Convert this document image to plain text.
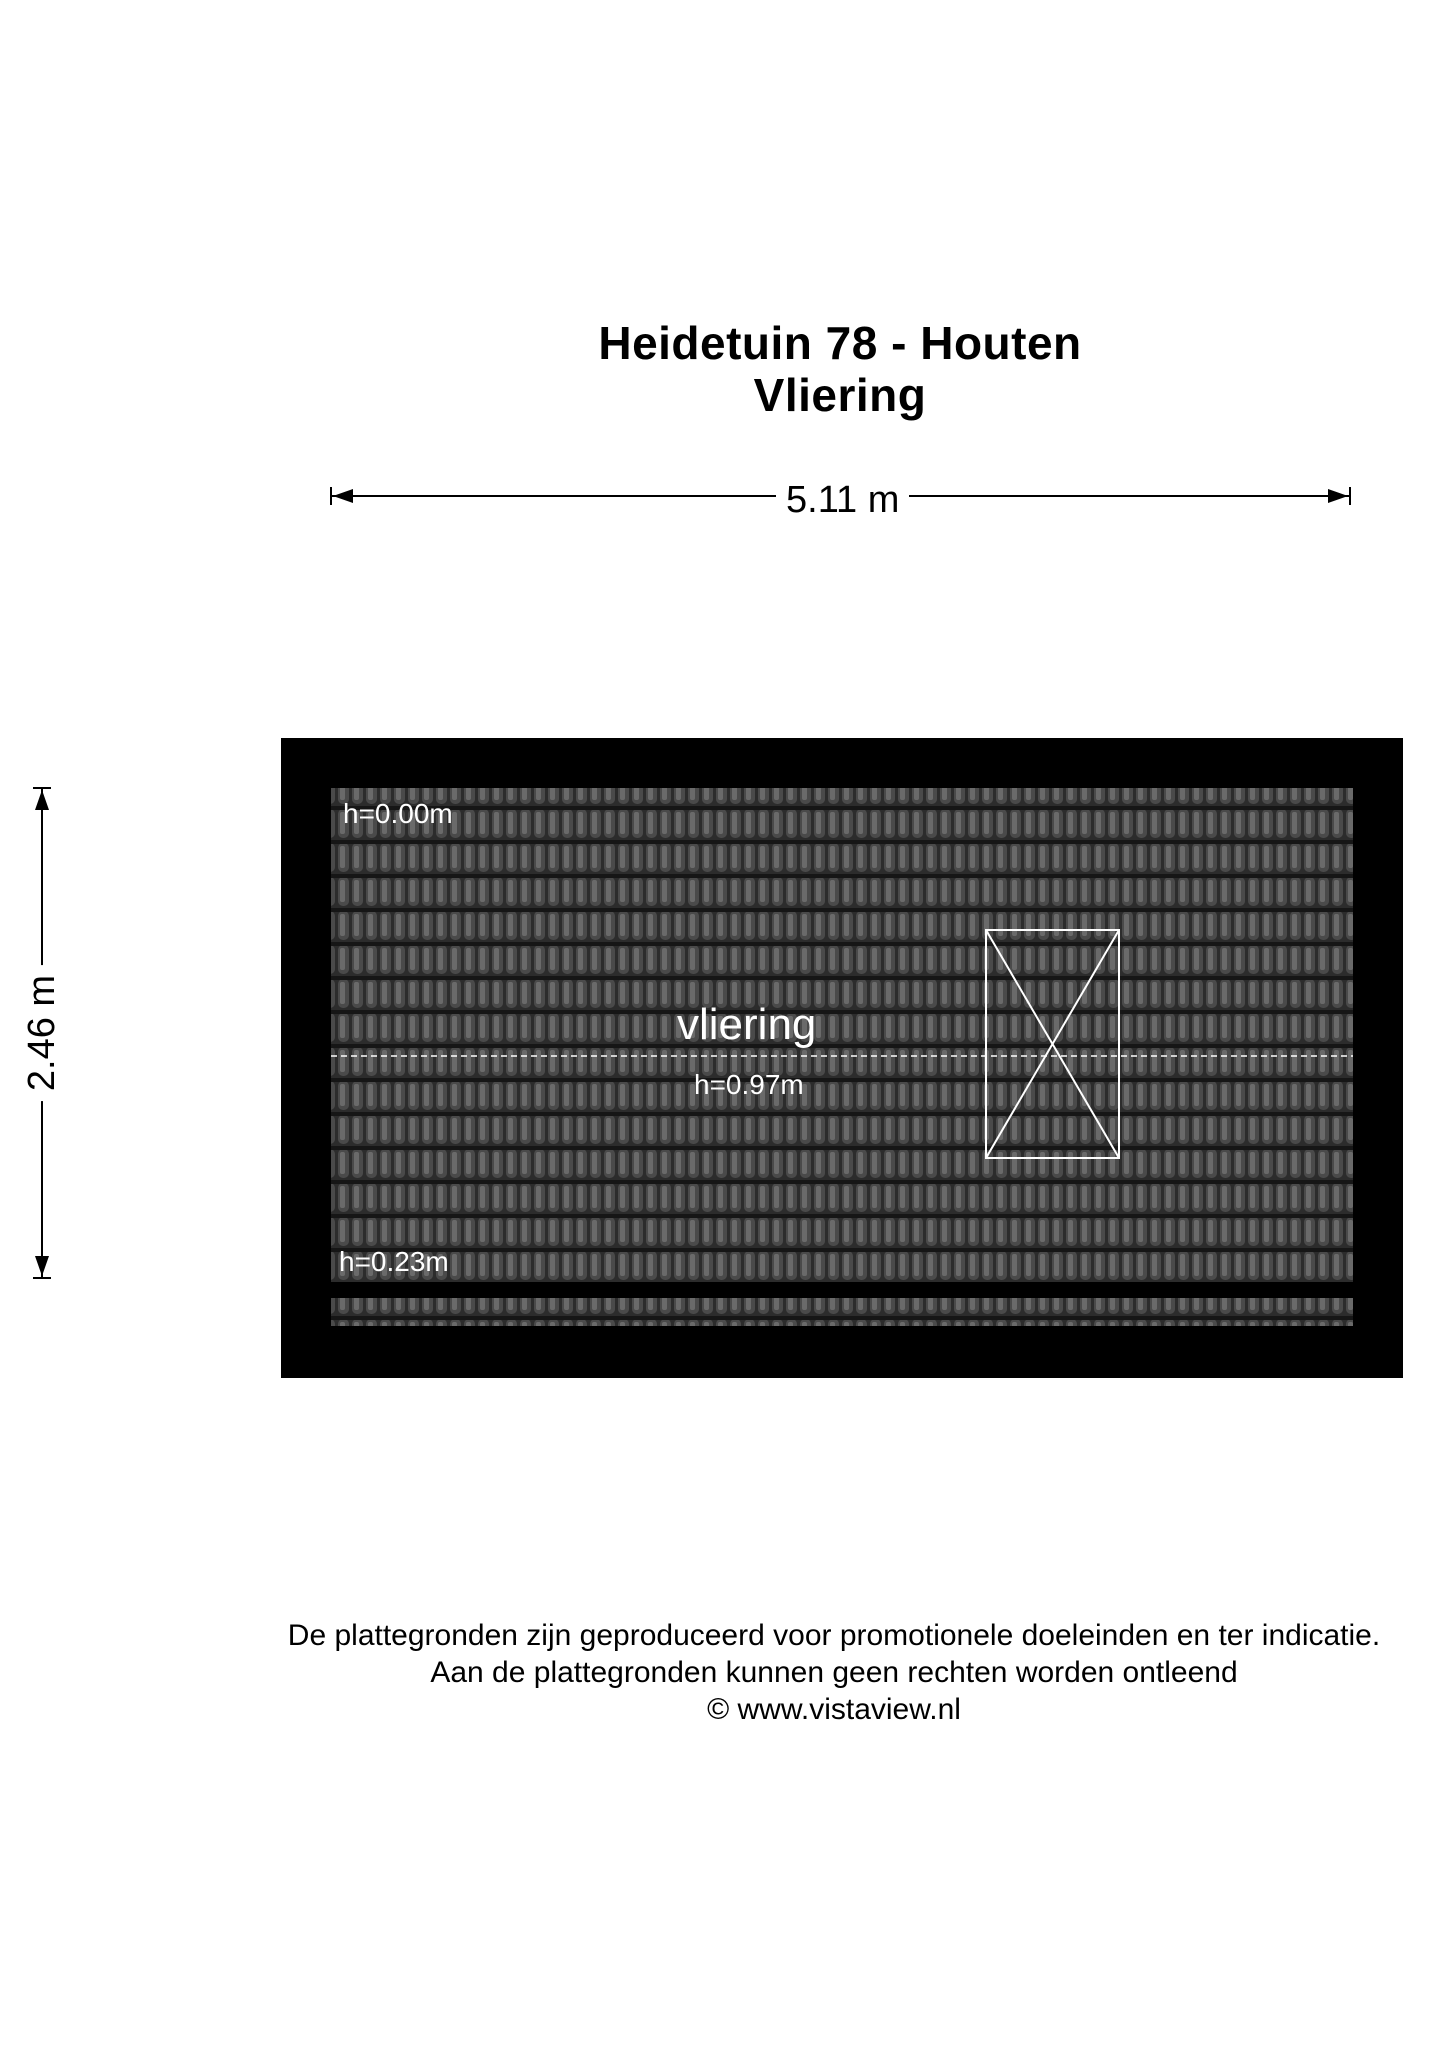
Heidetuin 78 - Houten
Vliering
5.11 m
2.46 m
h=0.00m
vliering
h=0.97m
h=0.23m
De plattegronden zijn geproduceerd voor promotionele doeleinden en ter indicatie.
Aan de plattegronden kunnen geen rechten worden ontleend
© www.vistaview.nl
